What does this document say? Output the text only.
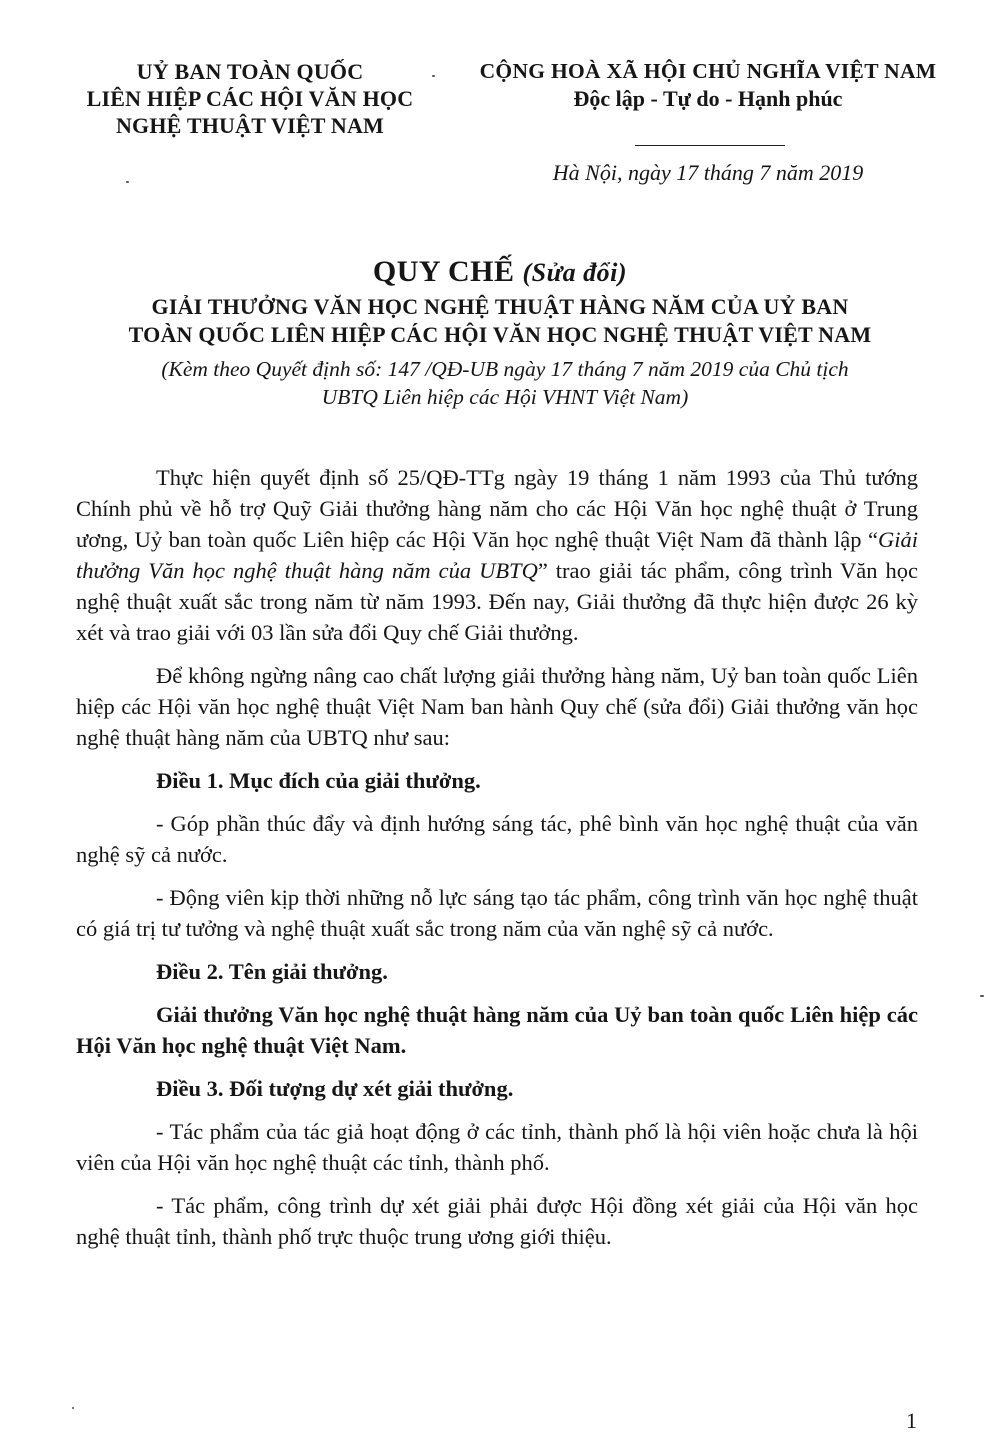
UỶ BAN TOÀN QUỐC
LIÊN HIỆP CÁC HỘI VĂN HỌC
NGHỆ THUẬT VIỆT NAM
CỘNG HOÀ XÃ HỘI CHỦ NGHĨA VIỆT NAM
Độc lập - Tự do - Hạnh phúc
Hà Nội, ngày 17 tháng 7 năm 2019
QUY CHẾ (Sửa đổi)
GIẢI THƯỞNG VĂN HỌC NGHỆ THUẬT HÀNG NĂM CỦA UỶ BAN
TOÀN QUỐC LIÊN HIỆP CÁC HỘI VĂN HỌC NGHỆ THUẬT VIỆT NAM
(Kèm theo Quyết định số: 147 /QĐ-UB ngày 17 tháng 7 năm 2019 của Chủ tịch
UBTQ Liên hiệp các Hội VHNT Việt Nam)

Thực hiện quyết định số 25/QĐ-TTg ngày 19 tháng 1 năm 1993 của Thủ tướng Chính phủ về hỗ trợ Quỹ Giải thưởng hàng năm cho các Hội Văn học nghệ thuật ở Trung ương, Uỷ ban toàn quốc Liên hiệp các Hội Văn học nghệ thuật Việt Nam đã thành lập “Giải thưởng Văn học nghệ thuật hàng năm của UBTQ” trao giải tác phẩm, công trình Văn học nghệ thuật xuất sắc trong năm từ năm 1993. Đến nay, Giải thưởng đã thực hiện được 26 kỳ xét và trao giải với 03 lần sửa đổi Quy chế Giải thưởng.

Để không ngừng nâng cao chất lượng giải thưởng hàng năm, Uỷ ban toàn quốc Liên hiệp các Hội văn học nghệ thuật Việt Nam ban hành Quy chế (sửa đổi) Giải thưởng văn học nghệ thuật hàng năm của UBTQ như sau:

Điều 1. Mục đích của giải thưởng.

- Góp phần thúc đẩy và định hướng sáng tác, phê bình văn học nghệ thuật của văn nghệ sỹ cả nước.

- Động viên kịp thời những nỗ lực sáng tạo tác phẩm, công trình văn học nghệ thuật có giá trị tư tưởng và nghệ thuật xuất sắc trong năm của văn nghệ sỹ cả nước.

Điều 2. Tên giải thưởng.

Giải thưởng Văn học nghệ thuật hàng năm của Uỷ ban toàn quốc Liên hiệp các Hội Văn học nghệ thuật Việt Nam.

Điều 3. Đối tượng dự xét giải thưởng.

- Tác phẩm của tác giả hoạt động ở các tỉnh, thành phố là hội viên hoặc chưa là hội viên của Hội văn học nghệ thuật các tỉnh, thành phố.

- Tác phẩm, công trình dự xét giải phải được Hội đồng xét giải của Hội văn học nghệ thuật tỉnh, thành phố trực thuộc trung ương giới thiệu.

1
